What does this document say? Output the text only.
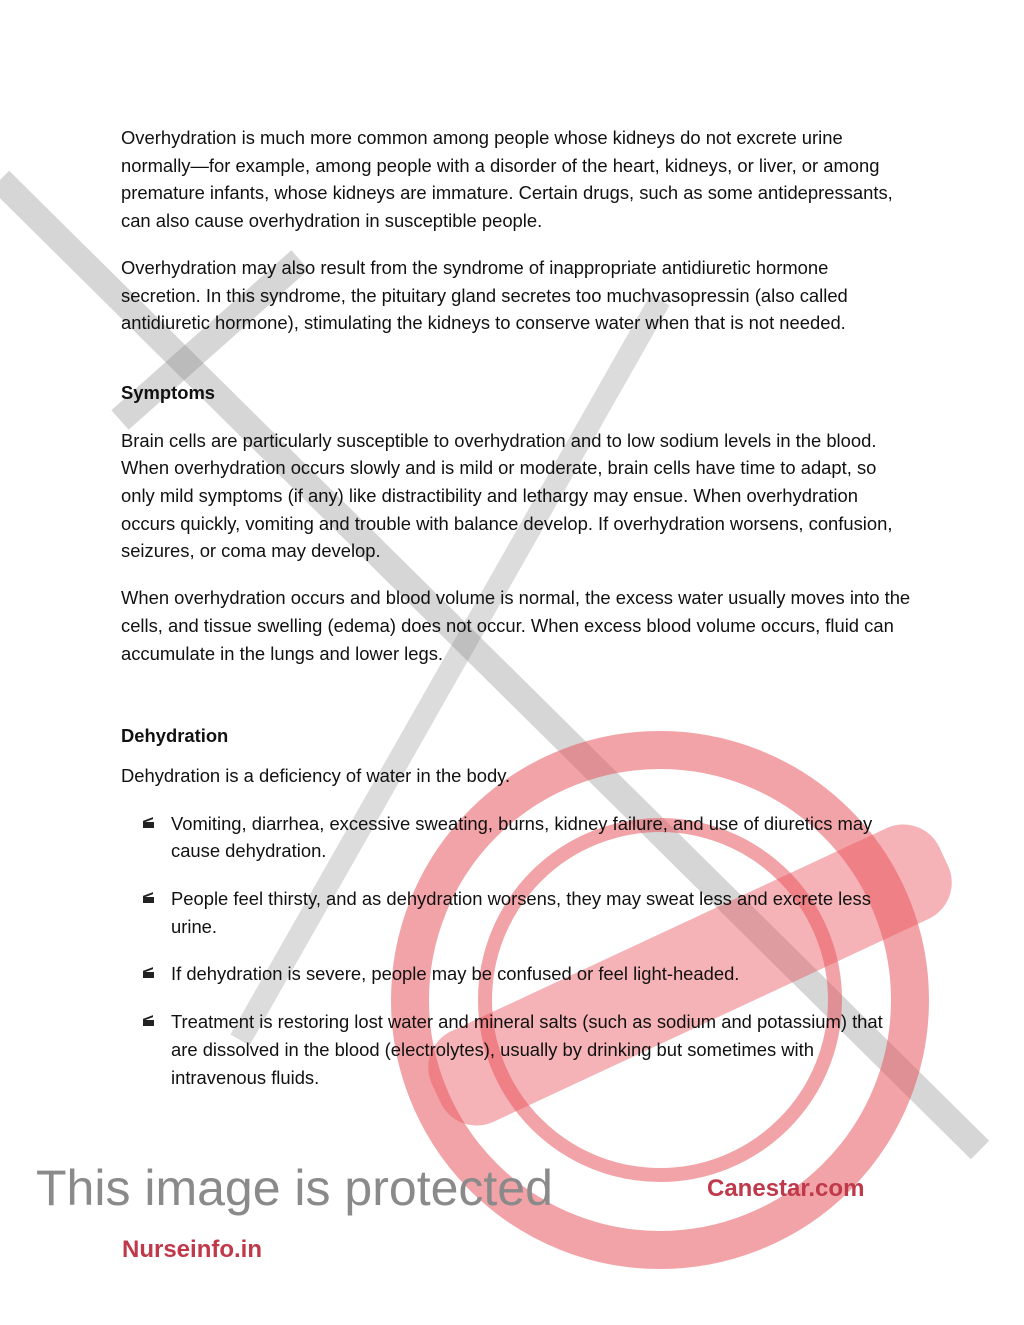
Overhydration is much more common among people whose kidneys do not excrete urine normally—for example, among people with a disorder of the heart, kidneys, or liver, or among premature infants, whose kidneys are immature. Certain drugs, such as some antidepressants, can also cause overhydration in susceptible people.

Overhydration may also result from the syndrome of inappropriate antidiuretic hormone secretion. In this syndrome, the pituitary gland secretes too muchvasopressin (also called antidiuretic hormone), stimulating the kidneys to conserve water when that is not needed.

Symptoms

Brain cells are particularly susceptible to overhydration and to low sodium levels in the blood. When overhydration occurs slowly and is mild or moderate, brain cells have time to adapt, so only mild symptoms (if any) like distractibility and lethargy may ensue. When overhydration occurs quickly, vomiting and trouble with balance develop. If overhydration worsens, confusion, seizures, or coma may develop.

When overhydration occurs and blood volume is normal, the excess water usually moves into the cells, and tissue swelling (edema) does not occur. When excess blood volume occurs, fluid can accumulate in the lungs and lower legs.

Dehydration

Dehydration is a deficiency of water in the body.

Vomiting, diarrhea, excessive sweating, burns, kidney failure, and use of diuretics may cause dehydration.
People feel thirsty, and as dehydration worsens, they may sweat less and excrete less urine.
If dehydration is severe, people may be confused or feel light-headed.
Treatment is restoring lost water and mineral salts (such as sodium and potassium) that are dissolved in the blood (electrolytes), usually by drinking but sometimes with intravenous fluids.
This image is protected
Nurseinfo.in
Canestar.com
